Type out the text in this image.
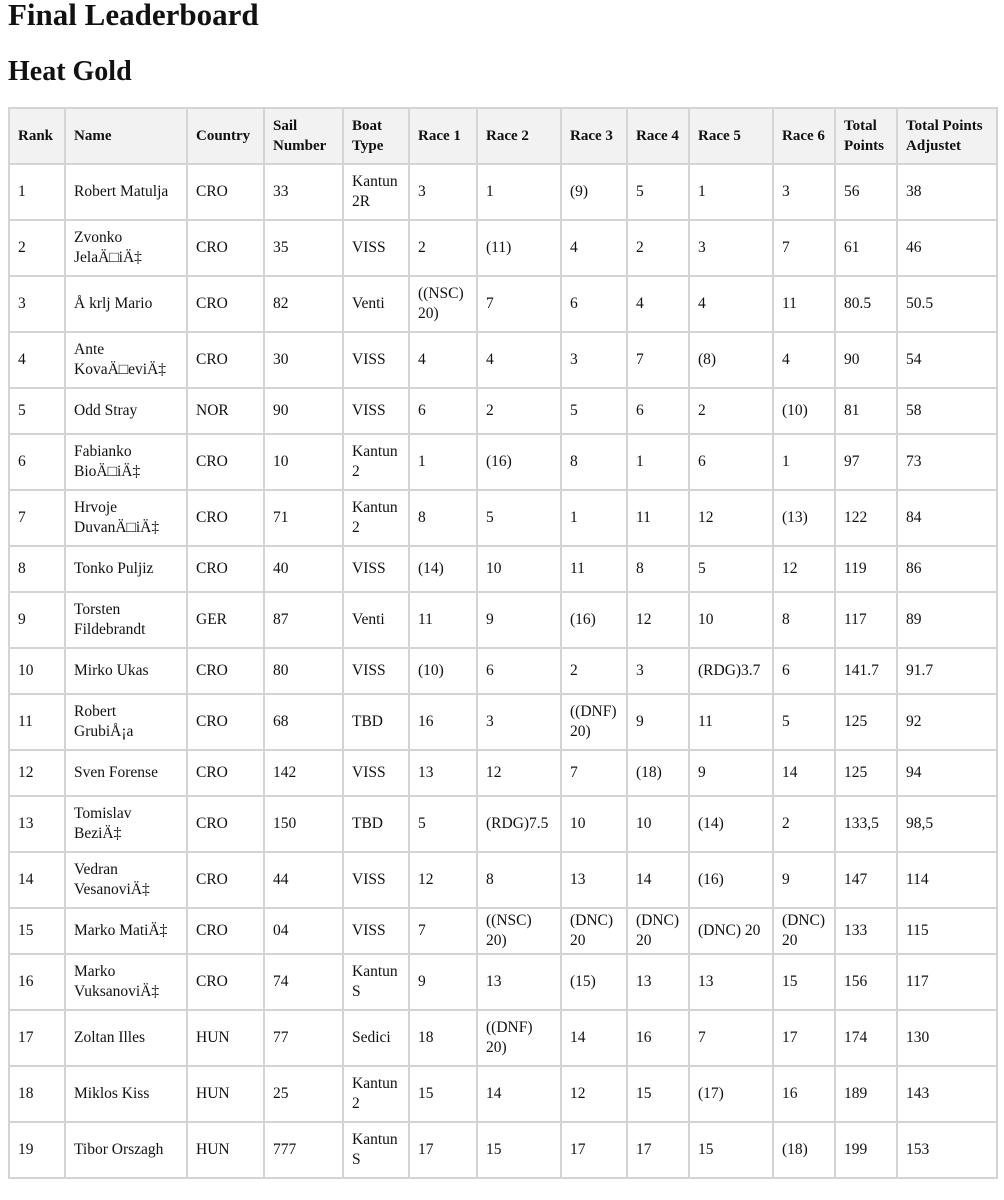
Final Leaderboard
Heat Gold
Rank	Name	Country	Sail Number	Boat Type	Race 1	Race 2	Race 3	Race 4	Race 5	Race 6	Total Points	Total Points Adjustet
1	Robert Matulja	CRO	33	Kantun 2R	3	1	(9)	5	1	3	56	38
2	Zvonko JelaÄ□iÄ‡	CRO	35	VISS	2	(11)	4	2	3	7	61	46
3	Å krlj Mario	CRO	82	Venti	((NSC) 20)	7	6	4	4	11	80.5	50.5
4	Ante KovaÄ□eviÄ‡	CRO	30	VISS	4	4	3	7	(8)	4	90	54
5	Odd Stray	NOR	90	VISS	6	2	5	6	2	(10)	81	58
6	Fabianko BioÄ□iÄ‡	CRO	10	Kantun 2	1	(16)	8	1	6	1	97	73
7	Hrvoje DuvanÄ□iÄ‡	CRO	71	Kantun 2	8	5	1	11	12	(13)	122	84
8	Tonko Puljiz	CRO	40	VISS	(14)	10	11	8	5	12	119	86
9	Torsten Fildebrandt	GER	87	Venti	11	9	(16)	12	10	8	117	89
10	Mirko Ukas	CRO	80	VISS	(10)	6	2	3	(RDG)3.7	6	141.7	91.7
11	Robert GrubiÅ¡a	CRO	68	TBD	16	3	((DNF) 20)	9	11	5	125	92
12	Sven Forense	CRO	142	VISS	13	12	7	(18)	9	14	125	94
13	Tomislav BeziÄ‡	CRO	150	TBD	5	(RDG)7.5	10	10	(14)	2	133,5	98,5
14	Vedran VesanoviÄ‡	CRO	44	VISS	12	8	13	14	(16)	9	147	114
15	Marko MatiÄ‡	CRO	04	VISS	7	((NSC) 20)	(DNC) 20	(DNC) 20	(DNC) 20	(DNC) 20	133	115
16	Marko VuksanoviÄ‡	CRO	74	Kantun S	9	13	(15)	13	13	15	156	117
17	Zoltan Illes	HUN	77	Sedici	18	((DNF) 20)	14	16	7	17	174	130
18	Miklos Kiss	HUN	25	Kantun 2	15	14	12	15	(17)	16	189	143
19	Tibor Orszagh	HUN	777	Kantun S	17	15	17	17	15	(18)	199	153
